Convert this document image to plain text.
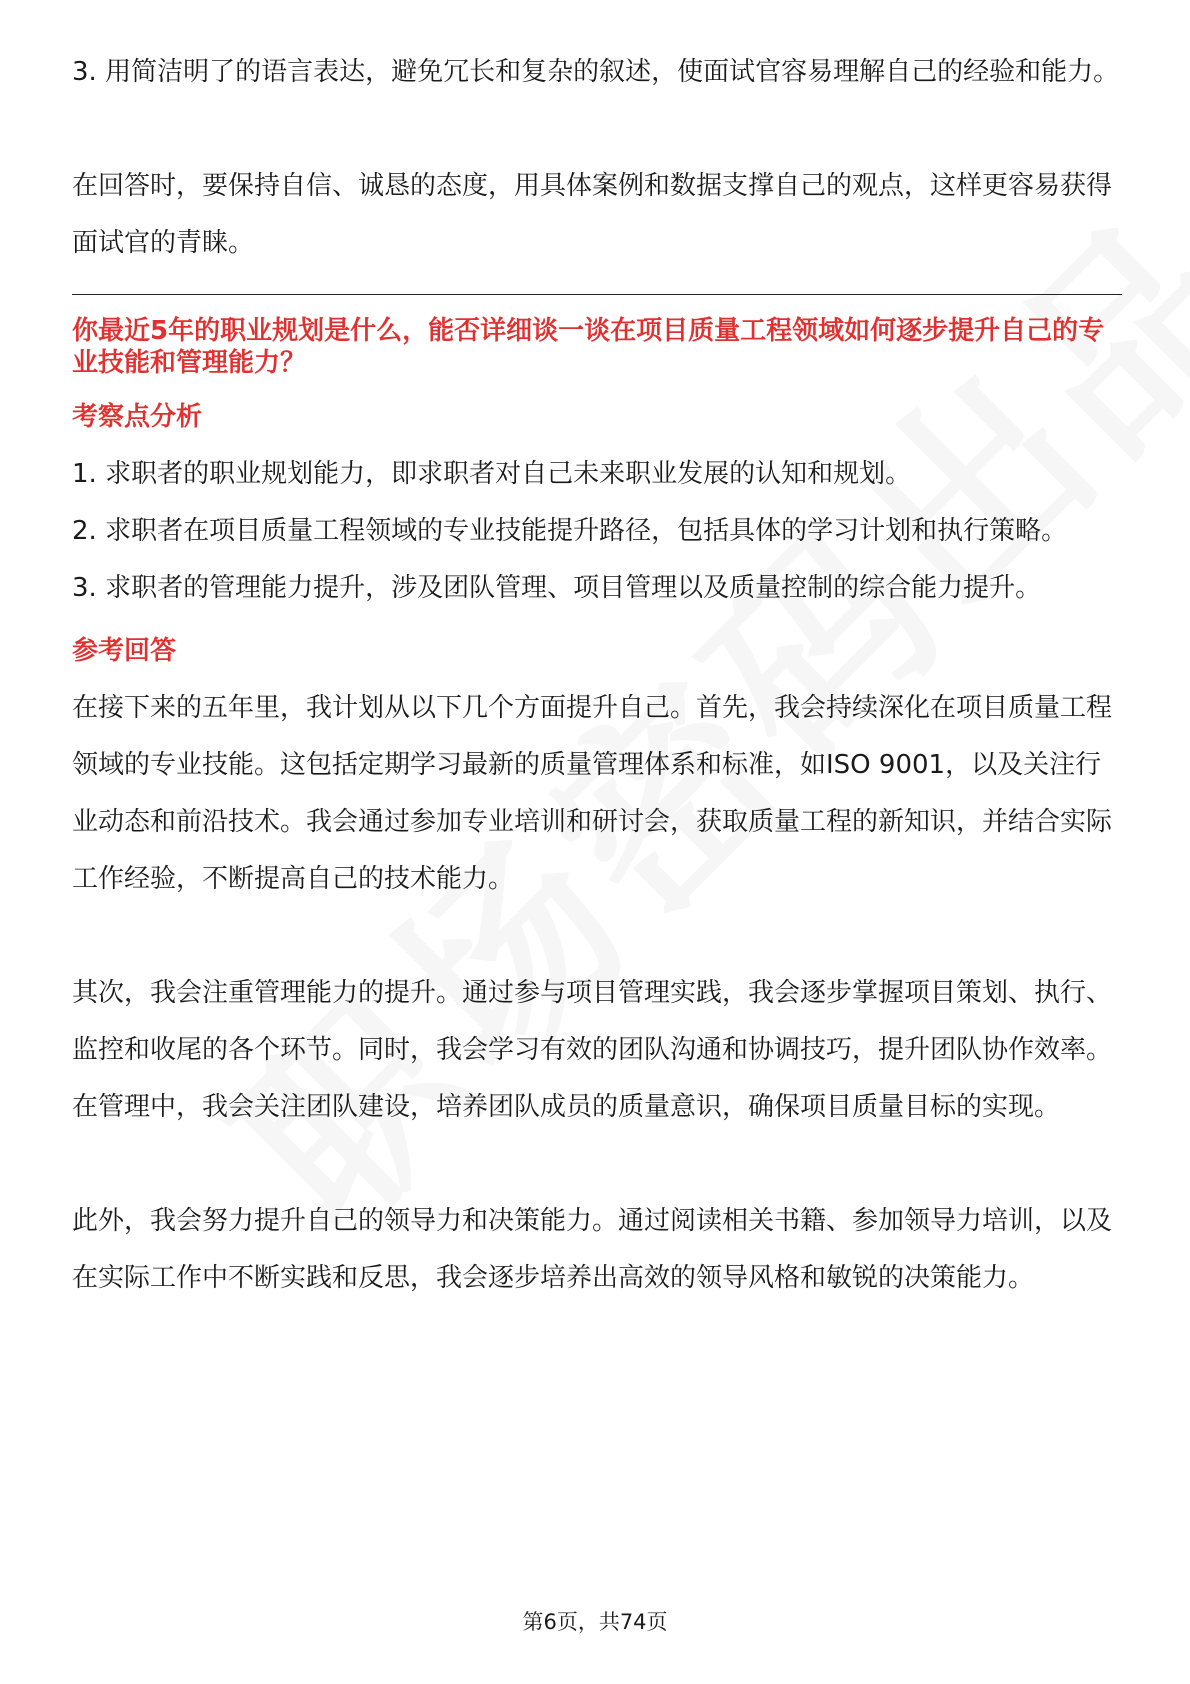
3. 用简洁明了的语言表达，避免冗长和复杂的叙述，使面试官容易理解自己的经验和能力。

在回答时，要保持自信、诚恳的态度，用具体案例和数据支撑自己的观点，这样更容易获得面试官的青睐。

你最近5年的职业规划是什么，能否详细谈一谈在项目质量工程领域如何逐步提升自己的专业技能和管理能力？

考察点分析

1. 求职者的职业规划能力，即求职者对自己未来职业发展的认知和规划。

2. 求职者在项目质量工程领域的专业技能提升路径，包括具体的学习计划和执行策略。

3. 求职者的管理能力提升，涉及团队管理、项目管理以及质量控制的综合能力提升。

参考回答

在接下来的五年里，我计划从以下几个方面提升自己。首先，我会持续深化在项目质量工程领域的专业技能。这包括定期学习最新的质量管理体系和标准，如ISO 9001，以及关注行业动态和前沿技术。我会通过参加专业培训和研讨会，获取质量工程的新知识，并结合实际工作经验，不断提高自己的技术能力。

其次，我会注重管理能力的提升。通过参与项目管理实践，我会逐步掌握项目策划、执行、监控和收尾的各个环节。同时，我会学习有效的团队沟通和协调技巧，提升团队协作效率。在管理中，我会关注团队建设，培养团队成员的质量意识，确保项目质量目标的实现。

此外，我会努力提升自己的领导力和决策能力。通过阅读相关书籍、参加领导力培训，以及在实际工作中不断实践和反思，我会逐步培养出高效的领导风格和敏锐的决策能力。

第6页，共74页
